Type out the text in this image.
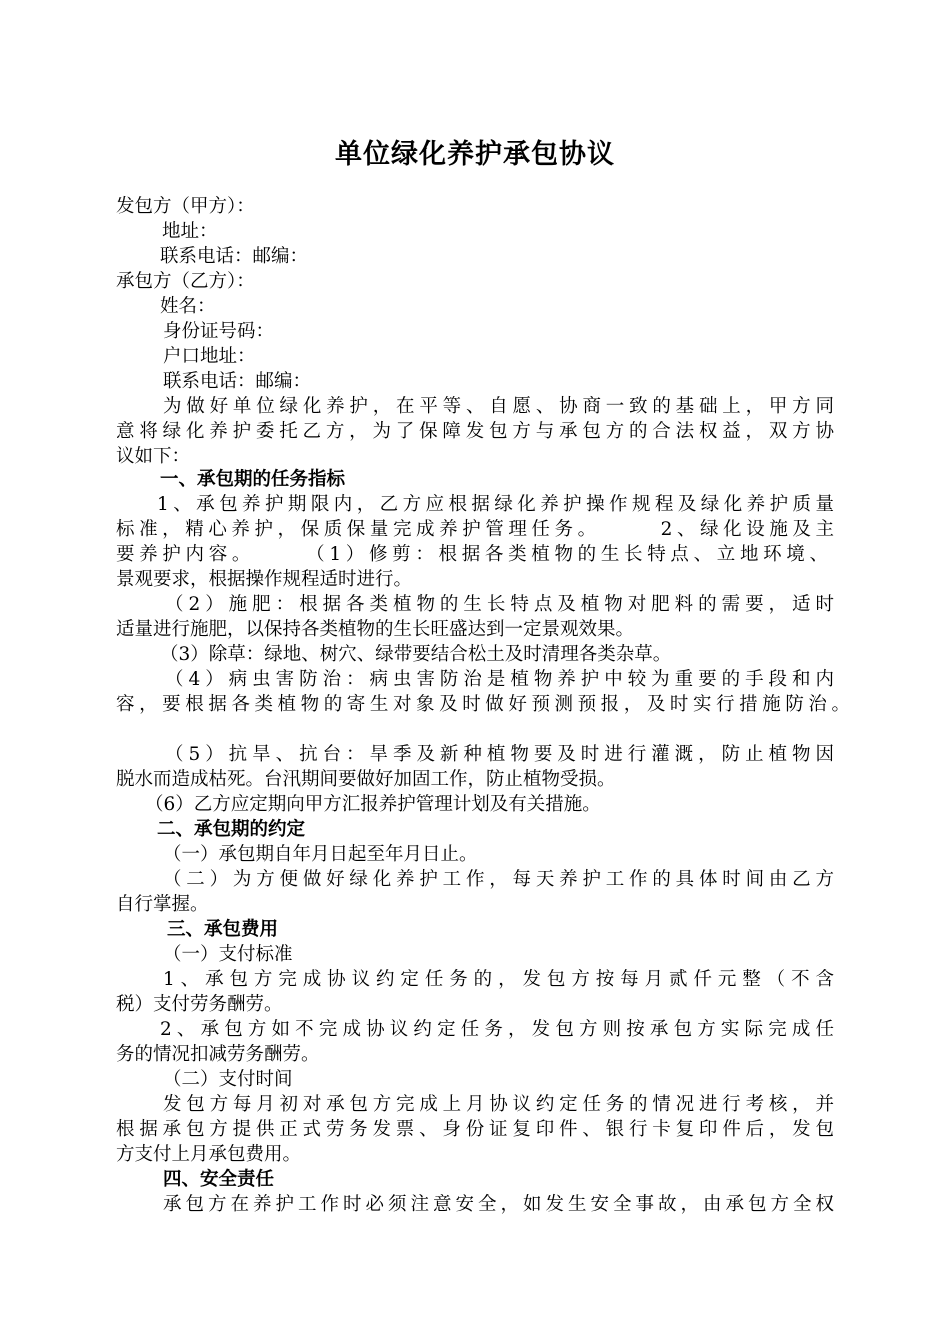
单位绿化养护承包协议
发包方（甲方）：
地址：
联系电话：邮编：
承包方（乙方）：
姓名：
身份证号码：
户口地址：
联系电话：邮编：
为做好单位绿化养护，在平等、自愿、协商一致的基础上，甲方同
意将绿化养护委托乙方，为了保障发包方与承包方的合法权益，双方协
议如下：
一、承包期的任务指标
1、承包养护期限内，乙方应根据绿化养护操作规程及绿化养护质量
标准，精心养护，保质保量完成养护管理任务。　　　2、绿化设施及主
要养护内容。　　　（1）修剪：根据各类植物的生长特点、立地环境、
景观要求，根据操作规程适时进行。
（2）施肥：根据各类植物的生长特点及植物对肥料的需要，适时
适量进行施肥，以保持各类植物的生长旺盛达到一定景观效果。
（3）除草：绿地、树穴、绿带要结合松土及时清理各类杂草。
（4）病虫害防治：病虫害防治是植物养护中较为重要的手段和内
容，要根据各类植物的寄生对象及时做好预测预报，及时实行措施防治。
（5）抗旱、抗台：旱季及新种植物要及时进行灌溉，防止植物因
脱水而造成枯死。台汛期间要做好加固工作，防止植物受损。
（6）乙方应定期向甲方汇报养护管理计划及有关措施。
二、承包期的约定
（一）承包期自年月日起至年月日止。
（二）为方便做好绿化养护工作，每天养护工作的具体时间由乙方
自行掌握。
三、承包费用
（一）支付标准
1、承包方完成协议约定任务的，发包方按每月贰仟元整（不含
税）支付劳务酬劳。
2、承包方如不完成协议约定任务，发包方则按承包方实际完成任
务的情况扣减劳务酬劳。
（二）支付时间
发包方每月初对承包方完成上月协议约定任务的情况进行考核，并
根据承包方提供正式劳务发票、身份证复印件、银行卡复印件后，发包
方支付上月承包费用。
四、安全责任
承包方在养护工作时必须注意安全，如发生安全事故，由承包方全权
